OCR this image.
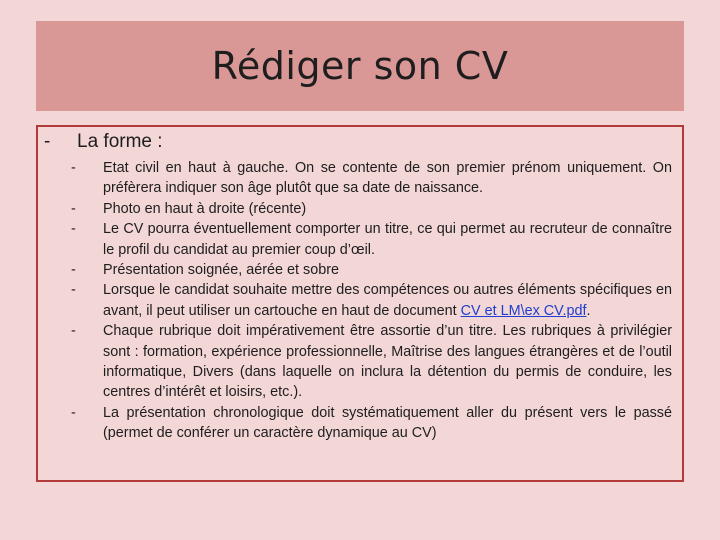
Rédiger son CV
- La forme :
- Etat civil en haut à gauche. On se contente de son premier prénom uniquement. On préfèrera indiquer son âge plutôt que sa date de naissance.
- Photo en haut à droite (récente)
- Le CV pourra éventuellement comporter un titre, ce qui permet au recruteur de connaître le profil du candidat au premier coup d’œil.
- Présentation soignée, aérée et sobre
- Lorsque le candidat souhaite mettre des compétences ou autres éléments spécifiques en avant, il peut utiliser un cartouche en haut de document CV et LM\ex CV.pdf.
- Chaque rubrique doit impérativement être assortie d’un titre. Les rubriques à privilégier sont : formation, expérience professionnelle, Maîtrise des langues étrangères et de l’outil informatique, Divers (dans laquelle on inclura la détention du permis de conduire, les centres d’intérêt et loisirs, etc.).
- La présentation chronologique doit systématiquement aller du présent vers le passé (permet de conférer un caractère dynamique au CV)
